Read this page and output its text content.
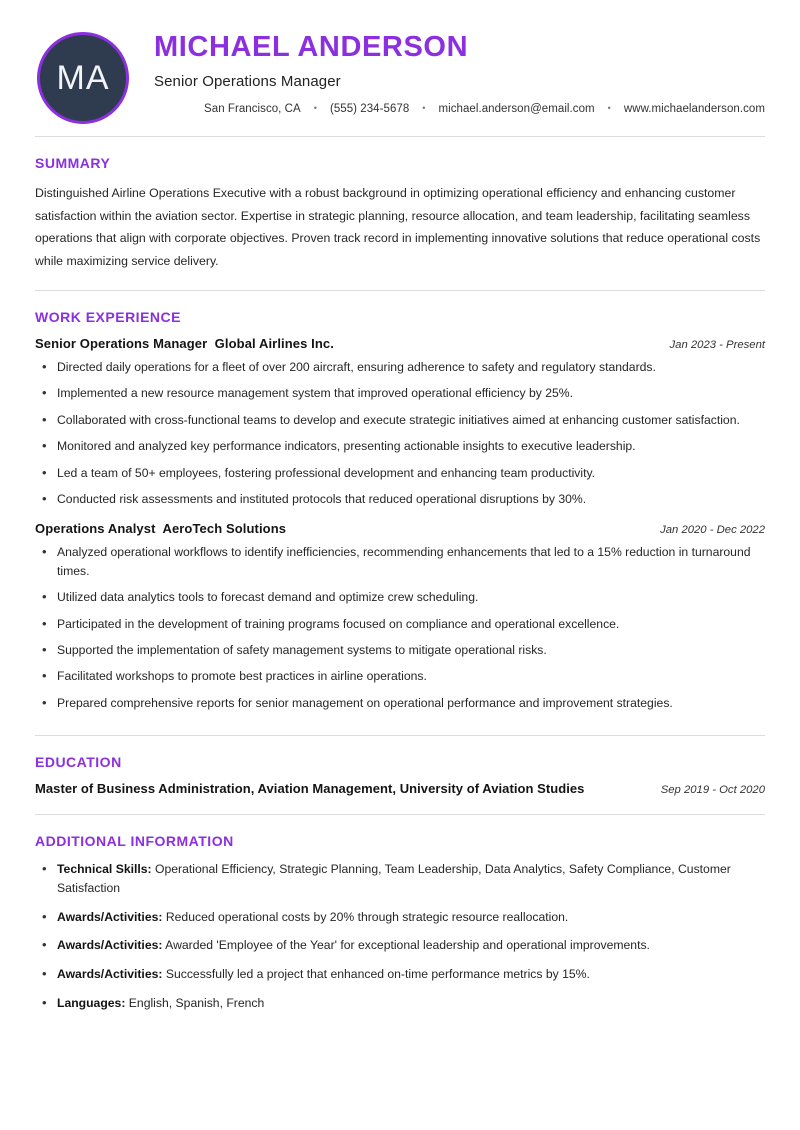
MA
MICHAEL ANDERSON
Senior Operations Manager
San Francisco, CA	•	(555) 234-5678	•	michael.anderson@email.com	•	www.michaelanderson.com
SUMMARY
Distinguished Airline Operations Executive with a robust background in optimizing operational efficiency and enhancing customer satisfaction within the aviation sector. Expertise in strategic planning, resource allocation, and team leadership, facilitating seamless operations that align with corporate objectives. Proven track record in implementing innovative solutions that reduce operational costs while maximizing service delivery.
WORK EXPERIENCE
Senior Operations Manager  Global Airlines Inc.	Jan 2023 - Present
• Directed daily operations for a fleet of over 200 aircraft, ensuring adherence to safety and regulatory standards.
• Implemented a new resource management system that improved operational efficiency by 25%.
• Collaborated with cross-functional teams to develop and execute strategic initiatives aimed at enhancing customer satisfaction.
• Monitored and analyzed key performance indicators, presenting actionable insights to executive leadership.
• Led a team of 50+ employees, fostering professional development and enhancing team productivity.
• Conducted risk assessments and instituted protocols that reduced operational disruptions by 30%.
Operations Analyst  AeroTech Solutions	Jan 2020 - Dec 2022
• Analyzed operational workflows to identify inefficiencies, recommending enhancements that led to a 15% reduction in turnaround times.
• Utilized data analytics tools to forecast demand and optimize crew scheduling.
• Participated in the development of training programs focused on compliance and operational excellence.
• Supported the implementation of safety management systems to mitigate operational risks.
• Facilitated workshops to promote best practices in airline operations.
• Prepared comprehensive reports for senior management on operational performance and improvement strategies.
EDUCATION
Master of Business Administration, Aviation Management, University of Aviation Studies	Sep 2019 - Oct 2020
ADDITIONAL INFORMATION
• Technical Skills: Operational Efficiency, Strategic Planning, Team Leadership, Data Analytics, Safety Compliance, Customer Satisfaction
• Awards/Activities: Reduced operational costs by 20% through strategic resource reallocation.
• Awards/Activities: Awarded 'Employee of the Year' for exceptional leadership and operational improvements.
• Awards/Activities: Successfully led a project that enhanced on-time performance metrics by 15%.
• Languages: English, Spanish, French
